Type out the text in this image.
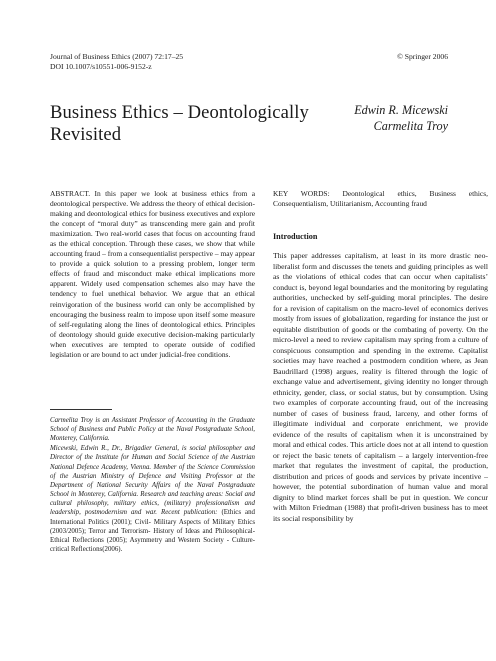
Journal of Business Ethics (2007) 72:17–25
DOI 10.1007/s10551-006-9152-z
© Springer 2006
Business Ethics – Deontologically
Revisited
Edwin R. Micewski
Carmelita Troy

ABSTRACT. In this paper we look at business ethics from a deontological perspective. We address the theory of ethical decision-making and deontological ethics for business executives and explore the concept of “moral duty” as transcending mere gain and profit maximization. Two real-world cases that focus on accounting fraud as the ethical conception. Through these cases, we show that while accounting fraud – from a consequentialist perspective – may appear to provide a quick solution to a pressing problem, longer term effects of fraud and misconduct make ethical implications more apparent. Widely used compensation schemes also may have the tendency to fuel unethical behavior. We argue that an ethical reinvigoration of the business world can only be accomplished by encouraging the business realm to impose upon itself some measure of self-regulating along the lines of deontological ethics. Principles of deontology should guide executive decision-making particularly when executives are tempted to operate outside of codified legislation or are bound to act under judicial-free conditions.

Carmelita Troy is an Assistant Professor of Accounting in the Graduate School of Business and Public Policy at the Naval Postgraduate School, Monterey, California.

Micewski, Edwin R., Dr., Brigadier General, is social philosopher and Director of the Institute for Human and Social Science of the Austrian National Defence Academy, Vienna. Member of the Science Commission of the Austrian Ministry of Defence and Visiting Professor at the Department of National Security Affairs of the Naval Postgraduate School in Monterey, California. Research and teaching areas: Social and cultural philosophy, military ethics, (military) professionalism and leadership, postmodernism and war. Recent publication: (Ethics and International Politics (2001); Civil- Military Aspects of Military Ethics (2003/2005); Terror and Terrorism- History of Ideas and Philosophical-Ethical Reflections (2005); Asymmetry and Western Society - Culture-critical Reflections(2006).

KEY WORDS: Deontological ethics, Business ethics, Consequentialism, Utilitarianism, Accounting fraud

Introduction

This paper addresses capitalism, at least in its more drastic neo-liberalist form and discusses the tenets and guiding principles as well as the violations of ethical codes that can occur when capitalists’ conduct is, beyond legal boundaries and the monitoring by regulating authorities, unchecked by self-guiding moral principles. The desire for a revision of capitalism on the macro-level of economics derives mostly from issues of globalization, regarding for instance the just or equitable distribution of goods or the combating of poverty. On the micro-level a need to review capitalism may spring from a culture of conspicuous consumption and spending in the extreme. Capitalist societies may have reached a postmodern condition where, as Jean Baudrillard (1998) argues, reality is filtered through the logic of exchange value and advertisement, giving identity no longer through ethnicity, gender, class, or social status, but by consumption. Using two examples of corporate accounting fraud, out of the increasing number of cases of business fraud, larceny, and other forms of illegitimate individual and corporate enrichment, we provide evidence of the results of capitalism when it is unconstrained by moral and ethical codes. This article does not at all intend to question or reject the basic tenets of capitalism – a largely intervention-free market that regulates the investment of capital, the production, distribution and prices of goods and services by private incentive – however, the potential subordination of human value and moral dignity to blind market forces shall be put in question. We concur with Milton Friedman (1988) that profit-driven business has to meet its social responsibility by
